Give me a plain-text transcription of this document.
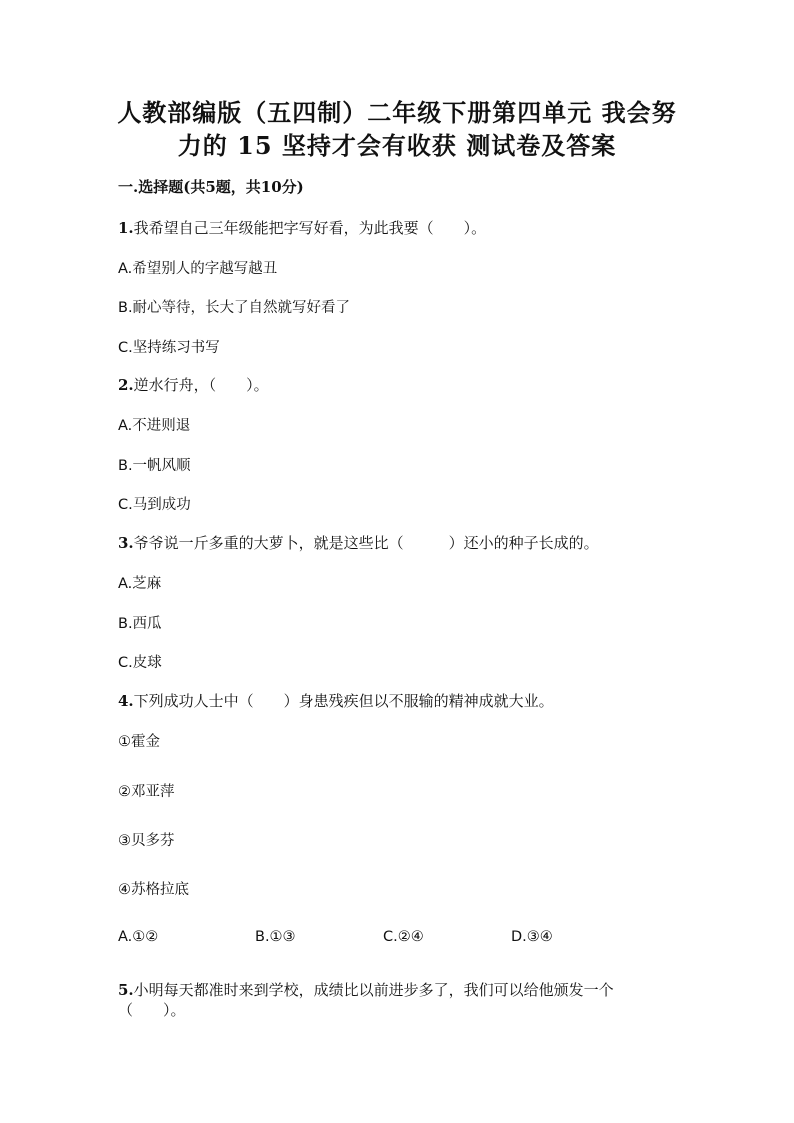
人教部编版（五四制）二年级下册第四单元 我会努
力的 15 坚持才会有收获 测试卷及答案
一.选择题(共5题，共10分)
1.我希望自己三年级能把字写好看，为此我要（　　）。
A.希望别人的字越写越丑
B.耐心等待，长大了自然就写好看了
C.坚持练习书写
2.逆水行舟，（　　）。
A.不进则退
B.一帆风顺
C.马到成功
3.爷爷说一斤多重的大萝卜，就是这些比（　　　）还小的种子长成的。
A.芝麻
B.西瓜
C.皮球
4.下列成功人士中（　　）身患残疾但以不服输的精神成就大业。
①霍金
②邓亚萍
③贝多芬
④苏格拉底
A.①②	B.①③	C.②④	D.③④
5.小明每天都准时来到学校，成绩比以前进步多了，我们可以给他颁发一个
（　　）。
